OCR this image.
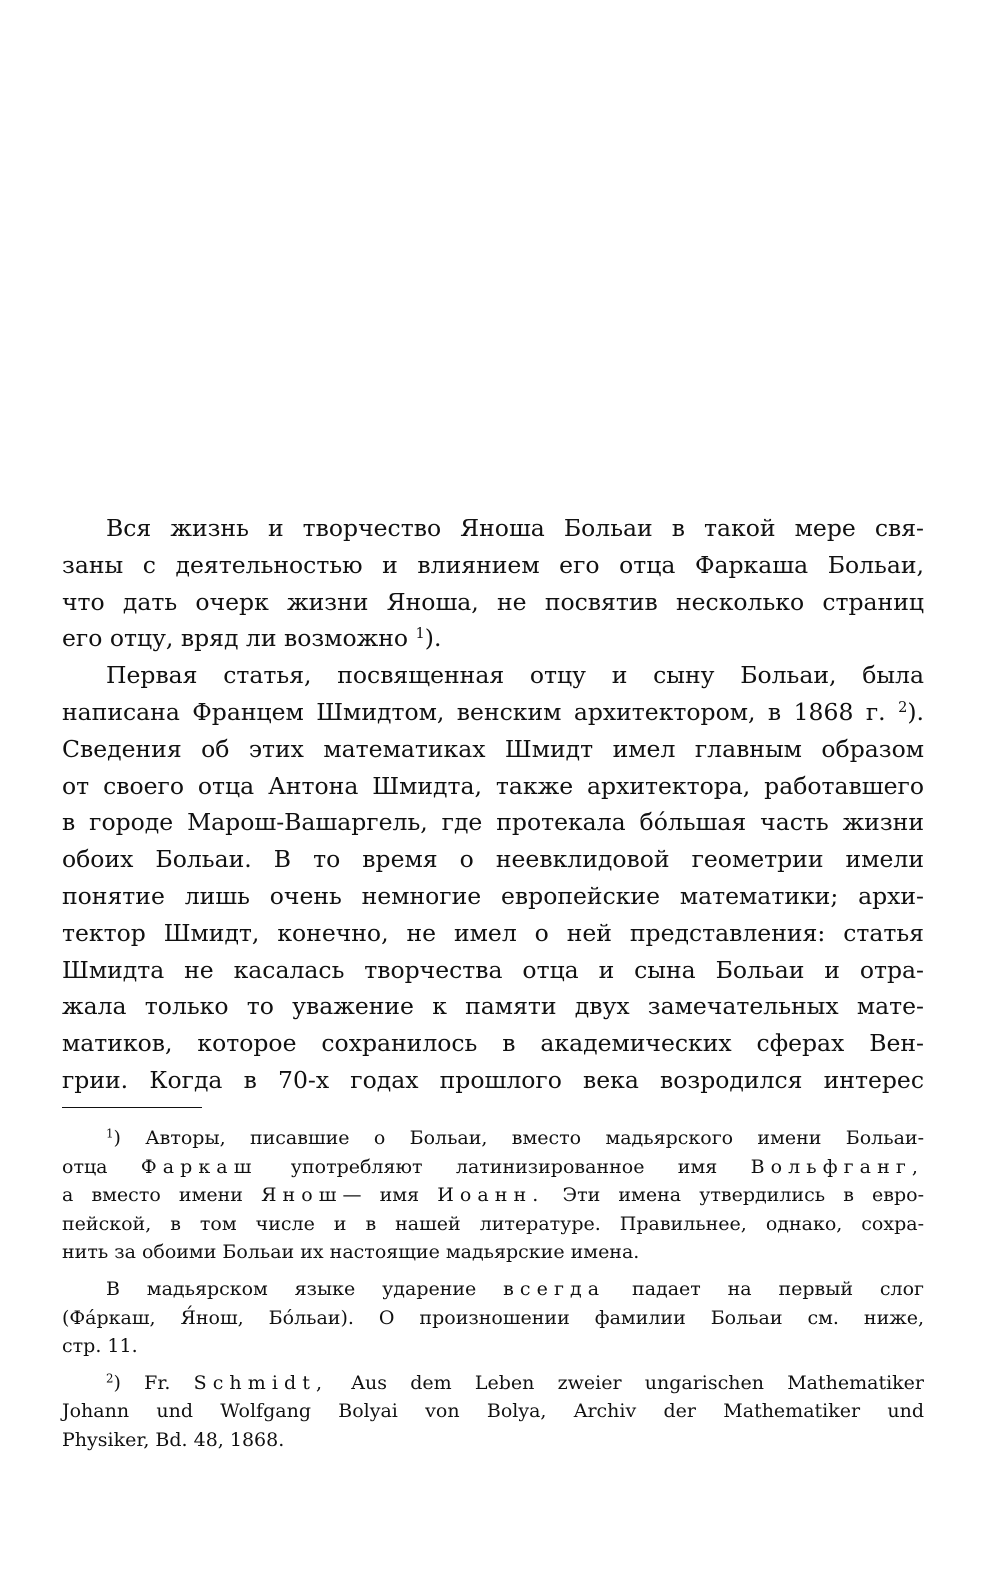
Вся жизнь и творчество Яноша Больаи в такой мере свя-
заны с деятельностью и влиянием его отца Фаркаша Больаи,
что дать очерк жизни Яноша, не посвятив несколько страниц
его отцу, вряд ли возможно $^1$).
Первая статья, посвященная отцу и сыну Больаи, была
написана Францем Шмидтом, венским архитектором, в 1868 г. $^2$).
Сведения об этих математиках Шмидт имел главным образом
от своего отца Антона Шмидта, также архитектора, работавшего
в городе Марош-Вашаргель, где протекала бо́льшая часть жизни
обоих Больаи. В то время о неевклидовой геометрии имели
понятие лишь очень немногие европейские математики; архи-
тектор Шмидт, конечно, не имел о ней представления: статья
Шмидта не касалась творчества отца и сына Больаи и отра-
жала только то уважение к памяти двух замечательных мате-
матиков, которое сохранилось в академических сферах Вен-
грии. Когда в 70-х годах прошлого века возродился интерес
$^1$) Авторы, писавшие о Больаи, вместо мадьярского имени Больаи-
отца Фаркаш употребляют латинизированное имя Вольфганг,
а вместо имени Янош— имя Иоанн. Эти имена утвердились в евро-
пейской, в том числе и в нашей литературе. Правильнее, однако, сохра-
нить за обоими Больаи их настоящие мадьярские имена.
В мадьярском языке ударение всегда падает на первый слог
(Фа́ркаш, Я́нош, Бо́льаи). О произношении фамилии Больаи см. ниже,
стр. 11.
$^2$) Fr. Schmidt, Aus dem Leben zweier ungarischen Mathematiker
Johann und Wolfgang Bolyai von Bolya, Archiv der Mathematiker und
Physiker, Bd. 48, 1868.
